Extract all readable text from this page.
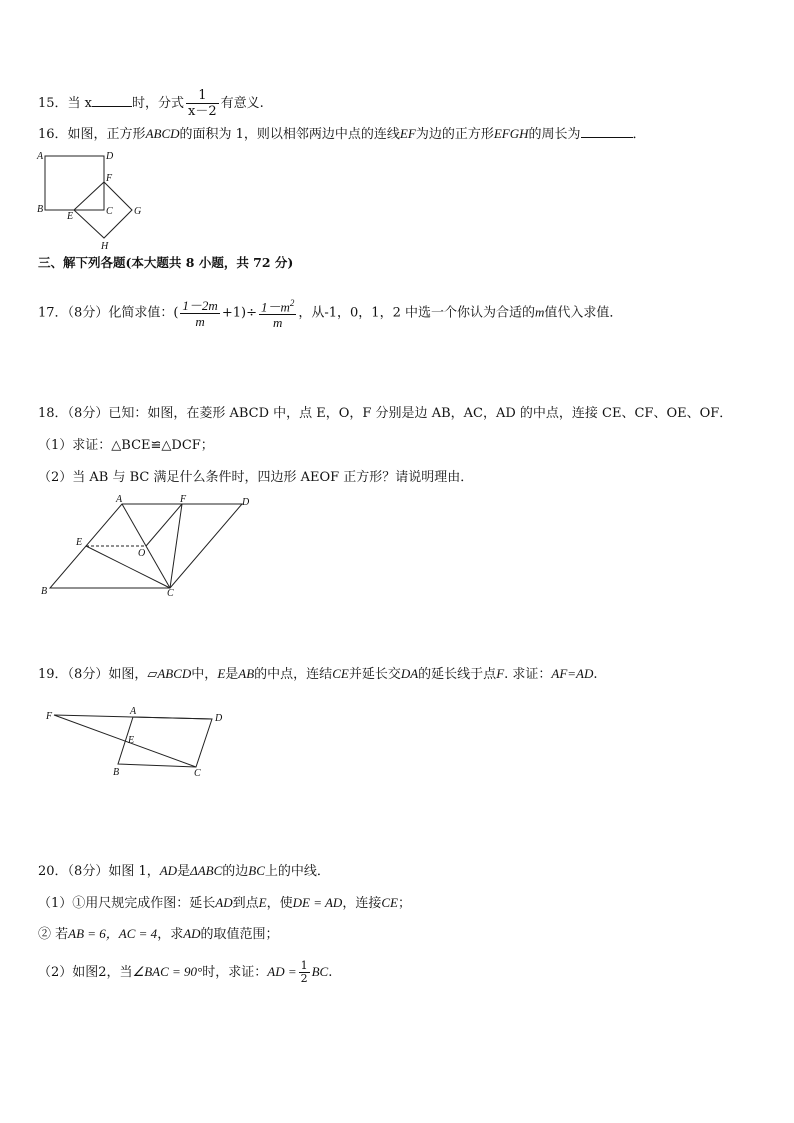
15．当 x	时，分式 $\frac{1}{x-2}$ 有意义.
16．如图，正方形ABCD的面积为 1，则以相邻两边中点的连线EF为边的正方形EFGH的周长为	．
A	D
B	C
E
F
G
H
三、解下列各题(本大题共 8 小题，共 72 分)
17．（8分）化简求值：( $\frac{1-2m}{m} +1)\div \frac{1-m^2}{m}$ ，从-1，0，1，2 中选一个你认为合适的m值代入求值．
18．（8分）已知：如图，在菱形 ABCD 中，点 E，O，F 分别是边 AB，AC，AD 的中点，连接 CE、CF、OE、OF．
（1）求证：△BCE≌△DCF；
（2）当 AB 与 BC 满足什么条件时，四边形 AEOF 正方形？请说明理由．
A	F	D
E
O
B	C
19．（8分）如图，▱ABCD中，E是AB的中点，连结CE并延长交DA的延长线于点F. 求证：AF=AD.
F	A
D
E
B	C
20．（8分）如图 1，AD是ΔABC的边BC上的中线．
（1）①用尺规完成作图：延长AD到点E，使DE = AD，连接CE；
② 若AB = 6，AC = 4，求AD的取值范围；
（2）如图2，当∠BAC = 90°时，求证：AD = $\frac{1}{2}$ BC.
